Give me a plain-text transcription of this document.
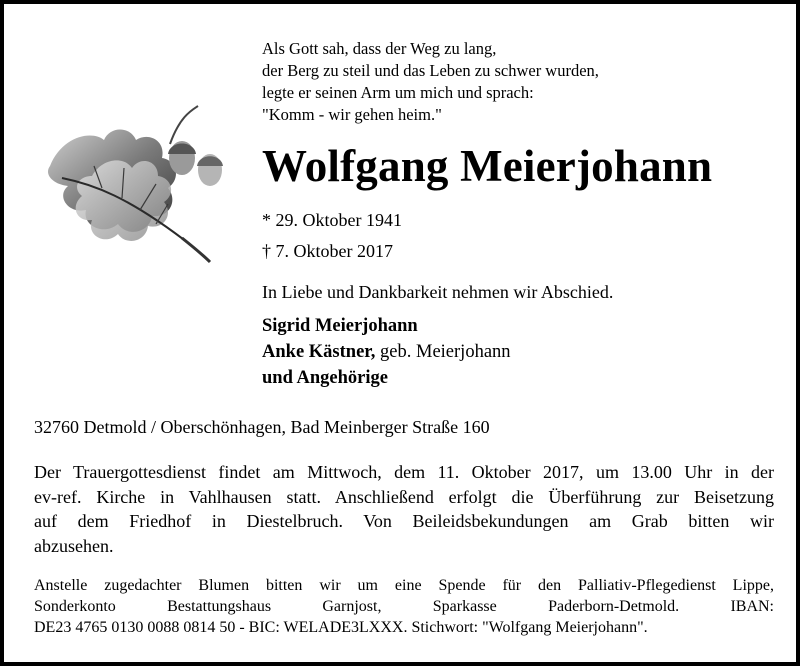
Als Gott sah, dass der Weg zu lang,
der Berg zu steil und das Leben zu schwer wurden,
legte er seinen Arm um mich und sprach:
"Komm - wir gehen heim."
Wolfgang Meierjohann
* 29. Oktober 1941
† 7. Oktober 2017
In Liebe und Dankbarkeit nehmen wir Abschied.
Sigrid Meierjohann
Anke Kästner, geb. Meierjohann
und Angehörige
32760 Detmold / Oberschönhagen, Bad Meinberger Straße 160
Der Trauergottesdienst findet am Mittwoch, dem 11. Oktober 2017, um 13.00 Uhr in der
ev-ref. Kirche in Vahlhausen statt. Anschließend erfolgt die Überführung zur Beisetzung
auf dem Friedhof in Diestelbruch. Von Beileidsbekundungen am Grab bitten wir
abzusehen.
Anstelle zugedachter Blumen bitten wir um eine Spende für den Palliativ-Pflegedienst Lippe,
Sonderkonto Bestattungshaus Garnjost, Sparkasse Paderborn-Detmold. IBAN:
DE23 4765 0130 0088 0814 50 - BIC: WELADE3LXXX. Stichwort: "Wolfgang Meierjohann".
